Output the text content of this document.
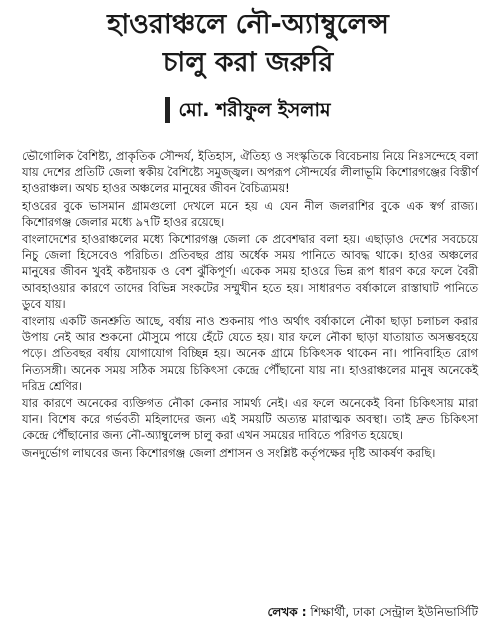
হাওরাঞ্চলে নৌ-অ্যাম্বুলেন্স
চালু করা জরুরি
মো. শরীফুল ইসলাম

ভৌগোলিক বৈশিষ্ট্য, প্রাকৃতিক সৌন্দর্য, ইতিহাস, ঐতিহ্য ও সংস্কৃতিকে বিবেচনায় নিয়ে নিঃসন্দেহে বলা যায় দেশের প্রতিটি জেলা স্বকীয় বৈশিষ্ট্যে সমুজ্জ্বল। অপরূপ সৌন্দর্যের লীলাভূমি কিশোরগঞ্জের বিস্তীর্ণ হাওরাঞ্চল। অথচ হাওর অঞ্চলের মানুষের জীবন বৈচিত্র্যময়!

হাওরের বুকে ভাসমান গ্রামগুলো দেখলে মনে হয় এ যেন নীল জলরাশির বুকে এক স্বর্গ রাজ্য। কিশোরগঞ্জ জেলার মধ্যে ৯৭টি হাওর রয়েছে।

বাংলাদেশের হাওরাঞ্চলের মধ্যে কিশোরগঞ্জ জেলা কে প্রবেশদ্বার বলা হয়। এছাড়াও দেশের সবচেয়ে নিচু জেলা হিসেবেও পরিচিত। প্রতিবছর প্রায় অর্ধেক সময় পানিতে আবদ্ধ থাকে। হাওর অঞ্চলের মানুষের জীবন খুবই কষ্টদায়ক ও বেশ ঝুঁকিপূর্ণ। একেক সময় হাওরে ভিন্ন রূপ ধারণ করে ফলে বৈরী আবহাওয়ার কারণে তাদের বিভিন্ন সংকটের সম্মুখীন হতে হয়। সাধারণত বর্ষাকালে রাস্তাঘাট পানিতে ডুবে যায়।

বাংলায় একটি জনশ্রুতি আছে, বর্ষায় নাও শুকনায় পাও অর্থাৎ বর্ষাকালে নৌকা ছাড়া চলাচল করার উপায় নেই আর শুকনো মৌসুমে পায়ে হেঁটে যেতে হয়। যার ফলে নৌকা ছাড়া যাতায়াত অসম্ভবহয়ে পড়ে। প্রতিবছর বর্ষায় যোগাযোগ বিচ্ছিন্ন হয়। অনেক গ্রামে চিকিৎসক থাকেন না। পানিবাহিত রোগ নিত্যসঙ্গী। অনেক সময় সঠিক সময়ে চিকিৎসা কেন্দ্রে পৌঁছানো যায় না। হাওরাঞ্চলের মানুষ অনেকেই দরিদ্র শ্রেণির।

যার কারণে অনেকের ব্যক্তিগত নৌকা কেনার সামর্থ্য নেই। এর ফলে অনেকেই বিনা চিকিৎসায় মারা যান। বিশেষ করে গর্ভবতী মহিলাদের জন্য এই সময়টি অত্যন্ত মারাত্মক অবস্থা। তাই দ্রুত চিকিৎসা কেন্দ্রে পৌঁছানোর জন্য নৌ-অ্যাম্বুলেন্স চালু করা এখন সময়ের দাবিতে পরিণত হয়েছে।

জনদুর্ভোগ লাঘবের জন্য কিশোরগঞ্জ জেলা প্রশাসন ও সংশ্লিষ্ট কর্তৃপক্ষের দৃষ্টি আকর্ষণ করছি।

লেখক : শিক্ষার্থী, ঢাকা সেন্ট্রাল ইউনিভার্সিটি
